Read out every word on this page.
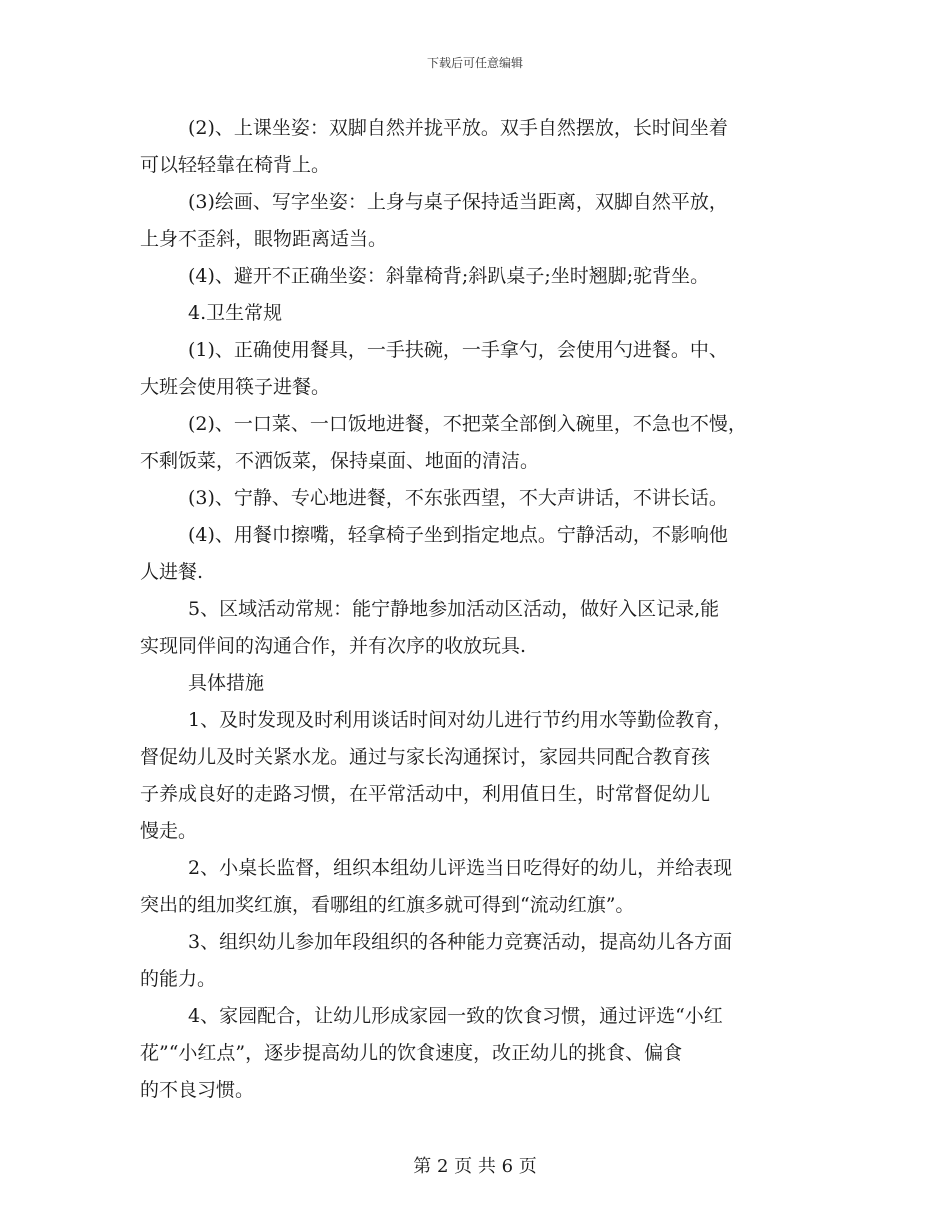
下载后可任意编辑
(2)、上课坐姿：双脚自然并拢平放。双手自然摆放，长时间坐着
可以轻轻靠在椅背上。
(3)绘画、写字坐姿：上身与桌子保持适当距离，双脚自然平放，
上身不歪斜，眼物距离适当。
(4)、避开不正确坐姿：斜靠椅背;斜趴桌子;坐时翘脚;驼背坐。
4.卫生常规
(1)、正确使用餐具，一手扶碗，一手拿勺，会使用勺进餐。中、
大班会使用筷子进餐。
(2)、一口菜、一口饭地进餐，不把菜全部倒入碗里，不急也不慢，
不剩饭菜，不洒饭菜，保持桌面、地面的清洁。
(3)、宁静、专心地进餐，不东张西望，不大声讲话，不讲长话。
(4)、用餐巾擦嘴，轻拿椅子坐到指定地点。宁静活动，不影响他
人进餐.
5、区域活动常规：能宁静地参加活动区活动，做好入区记录,能
实现同伴间的沟通合作，并有次序的收放玩具.
具体措施
1、及时发现及时利用谈话时间对幼儿进行节约用水等勤俭教育，
督促幼儿及时关紧水龙。通过与家长沟通探讨，家园共同配合教育孩
子养成良好的走路习惯，在平常活动中，利用值日生，时常督促幼儿
慢走。
2、小桌长监督，组织本组幼儿评选当日吃得好的幼儿，并给表现
突出的组加奖红旗，看哪组的红旗多就可得到“流动红旗”。
3、组织幼儿参加年段组织的各种能力竞赛活动，提高幼儿各方面
的能力。
4、家园配合，让幼儿形成家园一致的饮食习惯，通过评选“小红
花”“小红点”，逐步提高幼儿的饮食速度，改正幼儿的挑食、偏食
的不良习惯。
第 2 页 共 6 页
